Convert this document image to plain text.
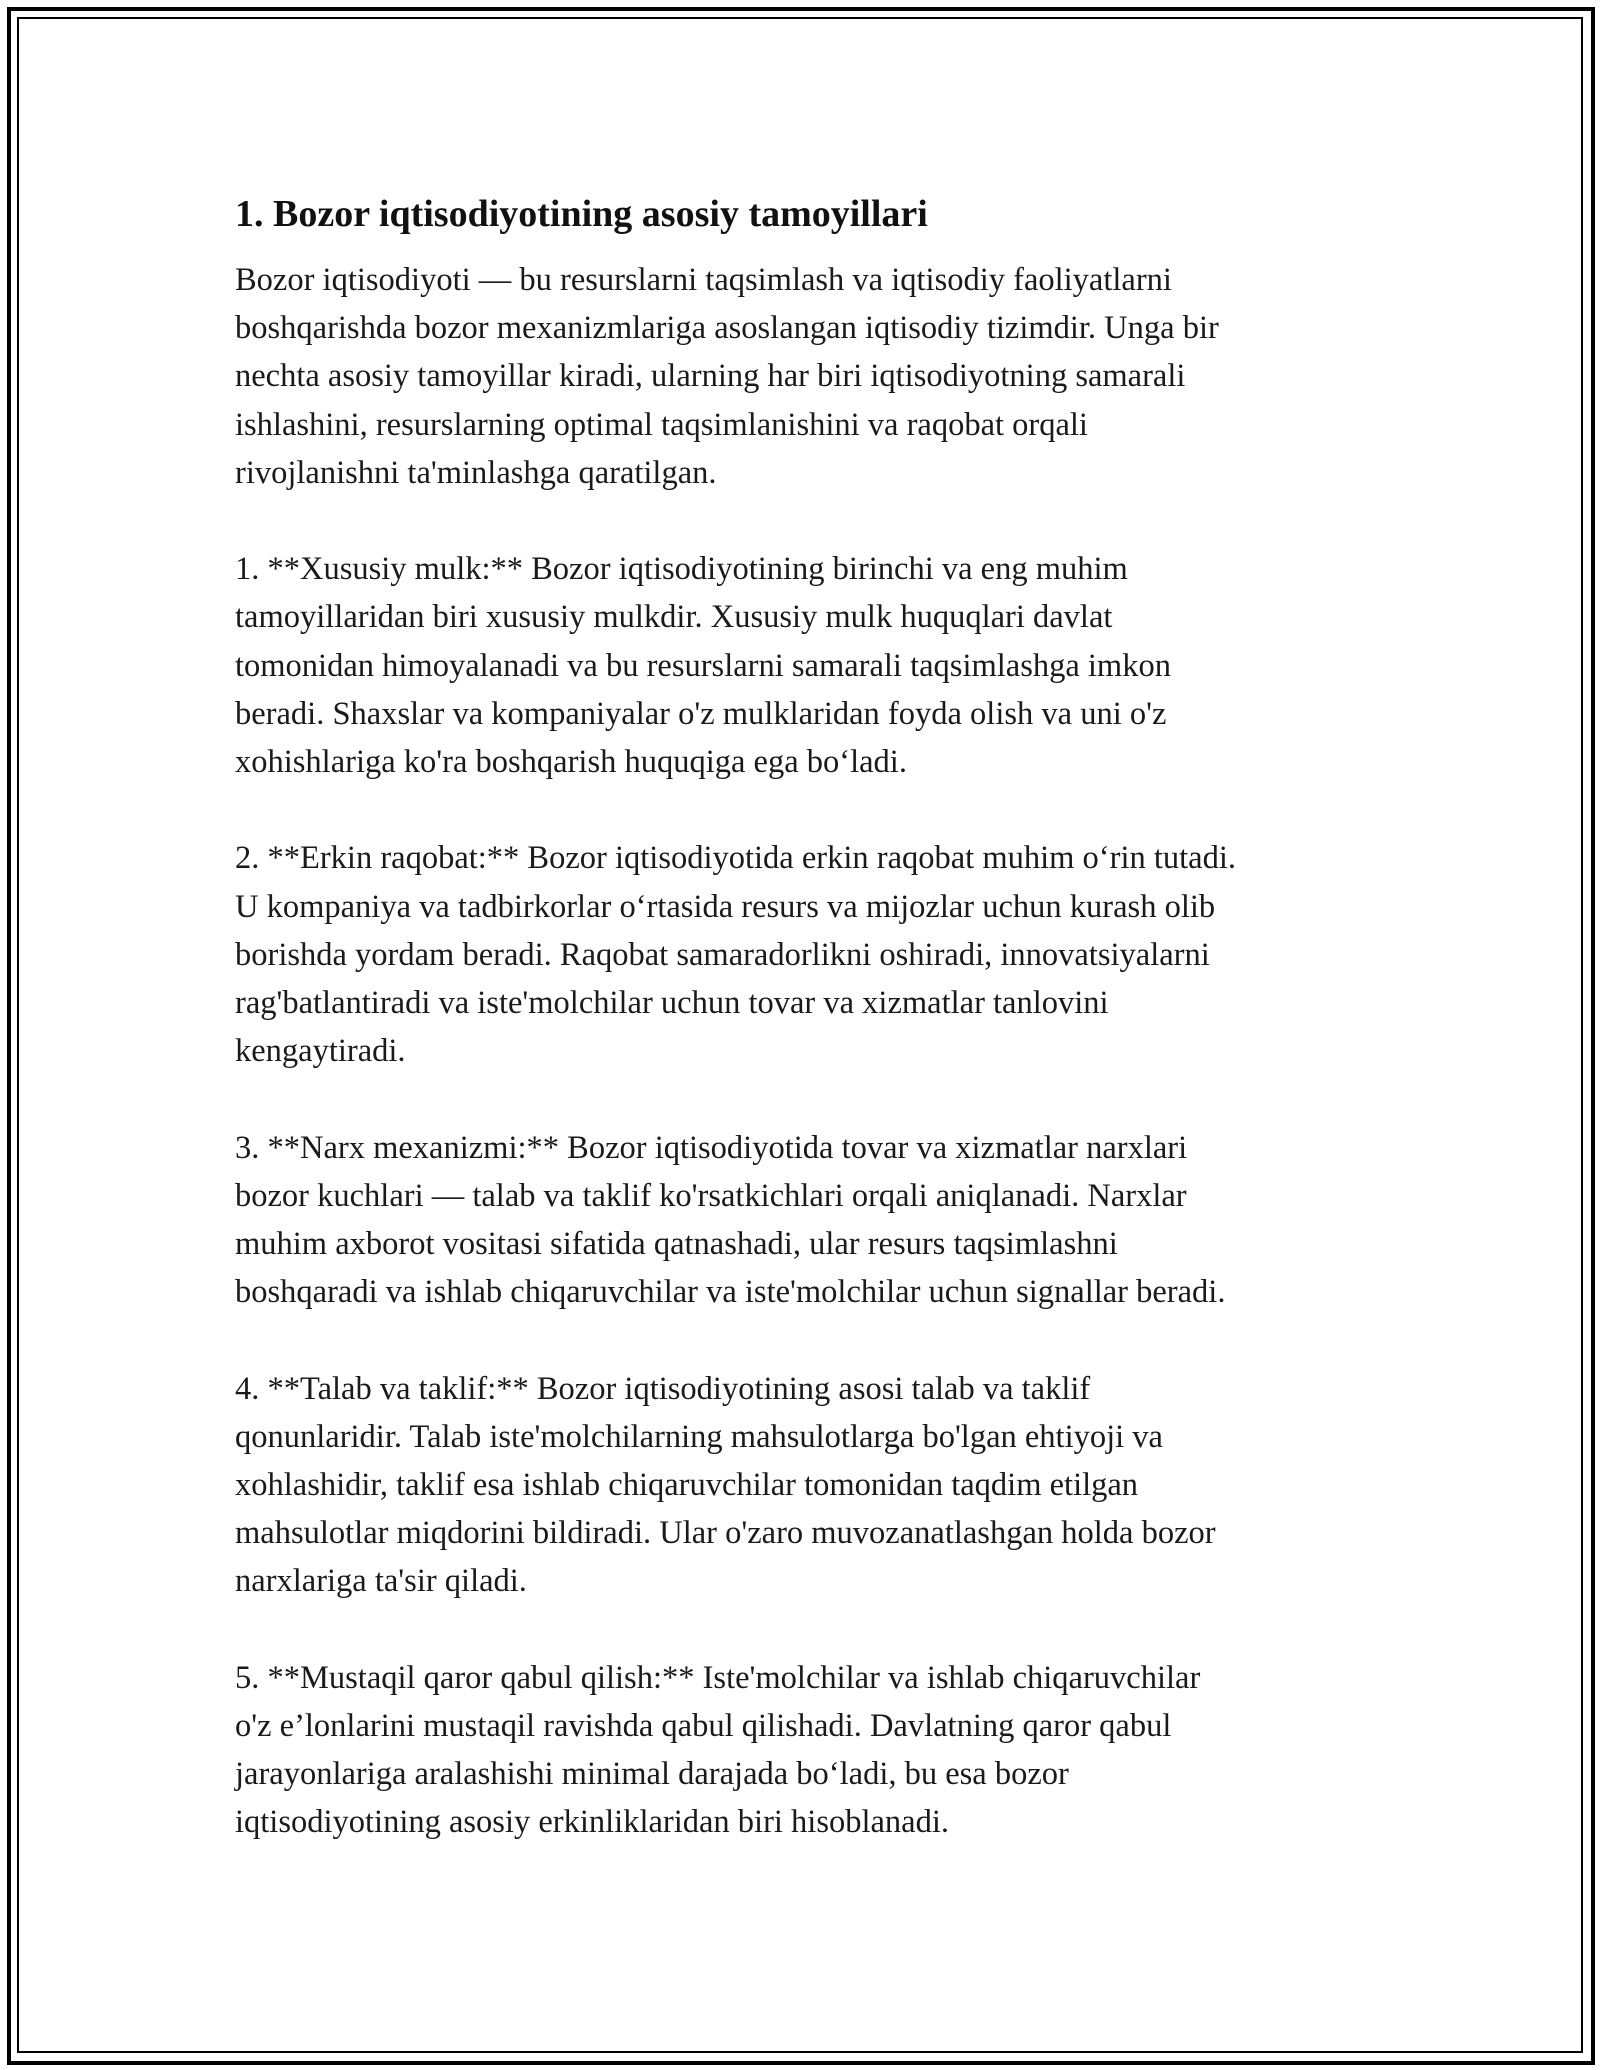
1. Bozor iqtisodiyotining asosiy tamoyillari

Bozor iqtisodiyoti — bu resurslarni taqsimlash va iqtisodiy faoliyatlarni
boshqarishda bozor mexanizmlariga asoslangan iqtisodiy tizimdir. Unga bir
nechta asosiy tamoyillar kiradi, ularning har biri iqtisodiyotning samarali
ishlashini, resurslarning optimal taqsimlanishini va raqobat orqali
rivojlanishni ta'minlashga qaratilgan.

1. **Xususiy mulk:** Bozor iqtisodiyotining birinchi va eng muhim
tamoyillaridan biri xususiy mulkdir. Xususiy mulk huquqlari davlat
tomonidan himoyalanadi va bu resurslarni samarali taqsimlashga imkon
beradi. Shaxslar va kompaniyalar o'z mulklaridan foyda olish va uni o'z
xohishlariga ko'ra boshqarish huquqiga ega bo‘ladi.

2. **Erkin raqobat:** Bozor iqtisodiyotida erkin raqobat muhim o‘rin tutadi.
U kompaniya va tadbirkorlar o‘rtasida resurs va mijozlar uchun kurash olib
borishda yordam beradi. Raqobat samaradorlikni oshiradi, innovatsiyalarni
rag'batlantiradi va iste'molchilar uchun tovar va xizmatlar tanlovini
kengaytiradi.

3. **Narx mexanizmi:** Bozor iqtisodiyotida tovar va xizmatlar narxlari
bozor kuchlari — talab va taklif ko'rsatkichlari orqali aniqlanadi. Narxlar
muhim axborot vositasi sifatida qatnashadi, ular resurs taqsimlashni
boshqaradi va ishlab chiqaruvchilar va iste'molchilar uchun signallar beradi.

4. **Talab va taklif:** Bozor iqtisodiyotining asosi talab va taklif
qonunlaridir. Talab iste'molchilarning mahsulotlarga bo'lgan ehtiyoji va
xohlashidir, taklif esa ishlab chiqaruvchilar tomonidan taqdim etilgan
mahsulotlar miqdorini bildiradi. Ular o'zaro muvozanatlashgan holda bozor
narxlariga ta'sir qiladi.

5. **Mustaqil qaror qabul qilish:** Iste'molchilar va ishlab chiqaruvchilar
o'z e’lonlarini mustaqil ravishda qabul qilishadi. Davlatning qaror qabul
jarayonlariga aralashishi minimal darajada bo‘ladi, bu esa bozor
iqtisodiyotining asosiy erkinliklaridan biri hisoblanadi.
